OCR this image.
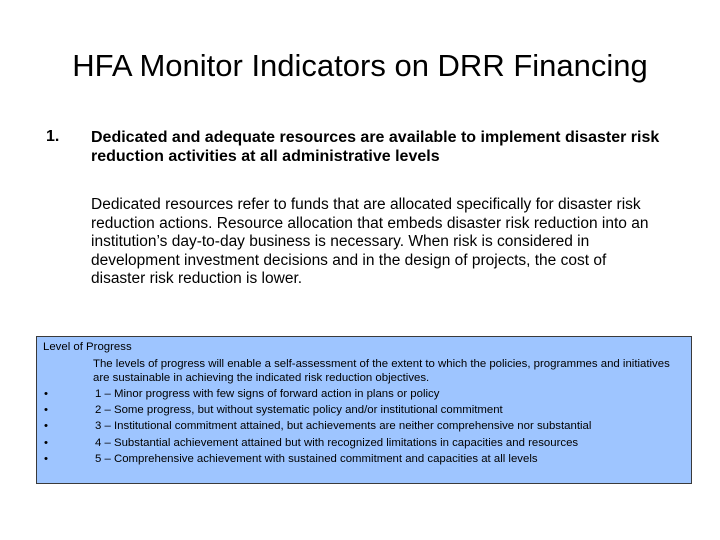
HFA Monitor Indicators on DRR Financing
1. Dedicated and adequate resources are available to implement disaster risk reduction activities at all administrative levels
Dedicated resources refer to funds that are allocated specifically for disaster risk reduction actions. Resource allocation that embeds disaster risk reduction into an institution’s day-to-day business is necessary. When risk is considered in development investment decisions and in the design of projects, the cost of disaster risk reduction is lower.
Level of Progress
The levels of progress will enable a self-assessment of the extent to which the policies, programmes and initiatives are sustainable in achieving the indicated risk reduction objectives.
•	1 – Minor progress with few signs of forward action in plans or policy
•	2 – Some progress, but without systematic policy and/or institutional commitment
•	3 – Institutional commitment attained, but achievements are neither comprehensive nor substantial
•	4 – Substantial achievement attained but with recognized limitations in capacities and resources
•	5 – Comprehensive achievement with sustained commitment and capacities at all levels
